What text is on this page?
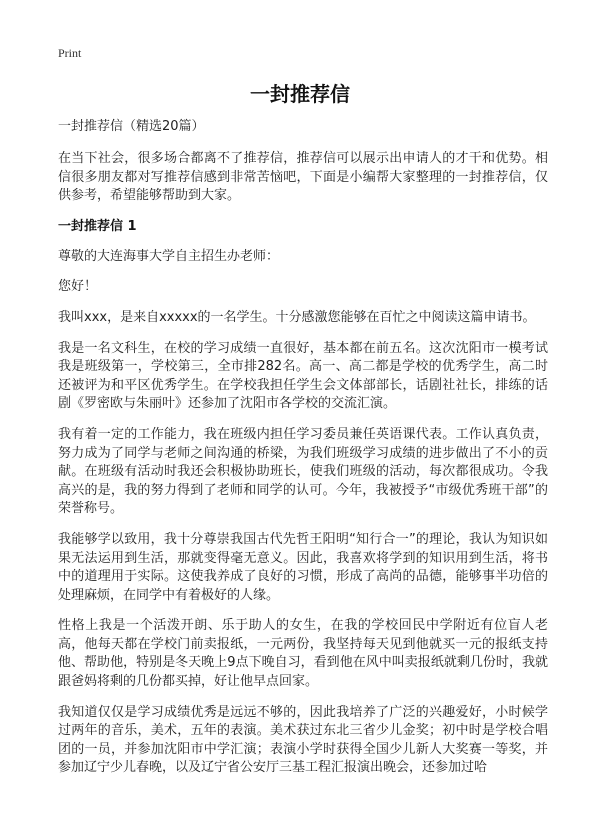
Print
一封推荐信

一封推荐信（精选20篇）

在当下社会，很多场合都离不了推荐信，推荐信可以展示出申请人的才干和优势。相信很多朋友都对写推荐信感到非常苦恼吧，下面是小编帮大家整理的一封推荐信，仅供参考，希望能够帮助到大家。

一封推荐信 1

尊敬的大连海事大学自主招生办老师：

您好！

我叫xxx，是来自xxxxx的一名学生。十分感激您能够在百忙之中阅读这篇申请书。

我是一名文科生，在校的学习成绩一直很好，基本都在前五名。这次沈阳市一模考试我是班级第一，学校第三，全市排282名。高一、高二都是学校的优秀学生，高二时还被评为和平区优秀学生。在学校我担任学生会文体部部长，话剧社社长，排练的话剧《罗密欧与朱丽叶》还参加了沈阳市各学校的交流汇演。

我有着一定的工作能力，我在班级内担任学习委员兼任英语课代表。工作认真负责，努力成为了同学与老师之间沟通的桥梁，为我们班级学习成绩的进步做出了不小的贡献。在班级有活动时我还会积极协助班长，使我们班级的活动，每次都很成功。令我高兴的是，我的努力得到了老师和同学的认可。今年，我被授予“市级优秀班干部”的荣誉称号。

我能够学以致用，我十分尊崇我国古代先哲王阳明“知行合一”的理论，我认为知识如果无法运用到生活，那就变得毫无意义。因此，我喜欢将学到的知识用到生活，将书中的道理用于实际。这使我养成了良好的习惯，形成了高尚的品德，能够事半功倍的处理麻烦，在同学中有着极好的人缘。

性格上我是一个活泼开朗、乐于助人的女生，在我的学校回民中学附近有位盲人老高，他每天都在学校门前卖报纸，一元两份，我坚持每天见到他就买一元的报纸支持他、帮助他，特别是冬天晚上9点下晚自习，看到他在风中叫卖报纸就剩几份时，我就跟爸妈将剩的几份都买掉，好让他早点回家。

我知道仅仅是学习成绩优秀是远远不够的，因此我培养了广泛的兴趣爱好，小时候学过两年的音乐，美术，五年的表演。美术获过东北三省少儿金奖；初中时是学校合唱团的一员，并参加沈阳市中学汇演；表演小学时获得全国少儿新人大奖赛一等奖，并参加辽宁少儿春晚，以及辽宁省公安厅三基工程汇报演出晚会，还参加过哈
